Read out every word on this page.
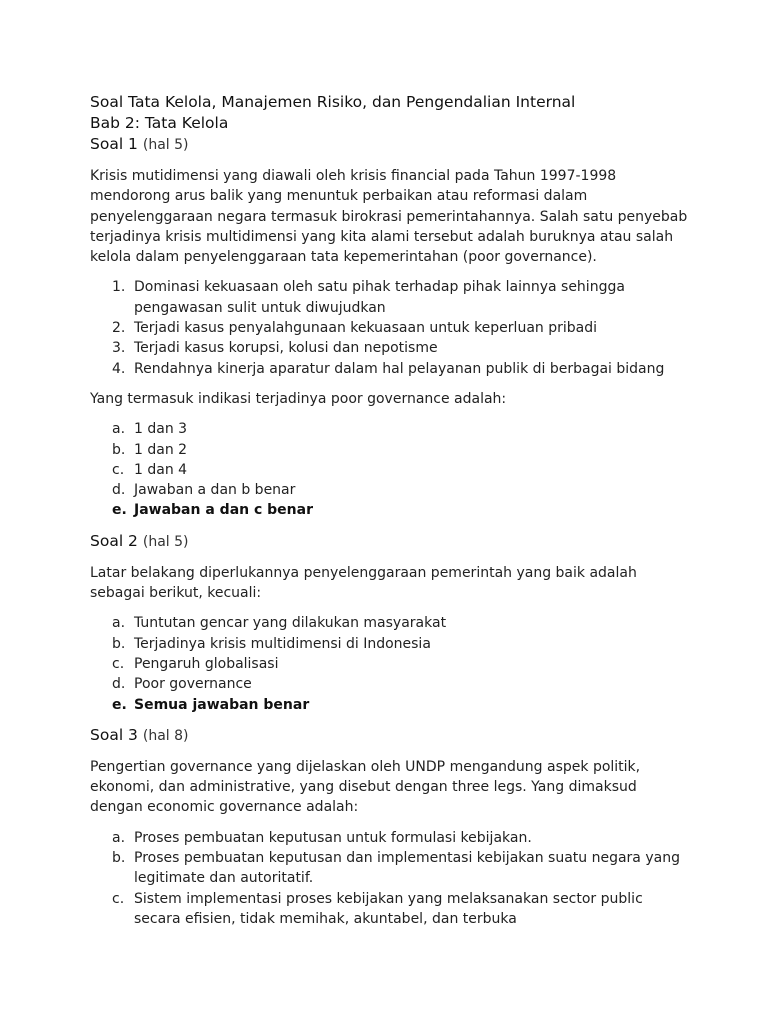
Soal Tata Kelola, Manajemen Risiko, dan Pengendalian Internal

Bab 2: Tata Kelola

Soal 1 (hal 5)

Krisis mutidimensi yang diawali oleh krisis financial pada Tahun 1997-1998 mendorong arus balik yang menuntuk perbaikan atau reformasi dalam penyelenggaraan negara termasuk birokrasi pemerintahannya. Salah satu penyebab terjadinya krisis multidimensi yang kita alami tersebut adalah buruknya atau salah kelola dalam penyelenggaraan tata kepemerintahan (poor governance).

1. Dominasi kekuasaan oleh satu pihak terhadap pihak lainnya sehingga pengawasan sulit untuk diwujudkan
2. Terjadi kasus penyalahgunaan kekuasaan untuk keperluan pribadi
3. Terjadi kasus korupsi, kolusi dan nepotisme
4. Rendahnya kinerja aparatur dalam hal pelayanan publik di berbagai bidang

Yang termasuk indikasi terjadinya poor governance adalah:

a. 1 dan 3
b. 1 dan 2
c. 1 dan 4
d. Jawaban a dan b benar
e. Jawaban a dan c benar

Soal 2 (hal 5)

Latar belakang diperlukannya penyelenggaraan pemerintah yang baik adalah sebagai berikut, kecuali:

a. Tuntutan gencar yang dilakukan masyarakat
b. Terjadinya krisis multidimensi di Indonesia
c. Pengaruh globalisasi
d. Poor governance
e. Semua jawaban benar

Soal 3 (hal 8)

Pengertian governance yang dijelaskan oleh UNDP mengandung aspek politik, ekonomi, dan administrative, yang disebut dengan three legs. Yang dimaksud dengan economic governance adalah:

a. Proses pembuatan keputusan untuk formulasi kebijakan.
b. Proses pembuatan keputusan dan implementasi kebijakan suatu negara yang legitimate dan autoritatif.
c. Sistem implementasi proses kebijakan yang melaksanakan sector public secara efisien, tidak memihak, akuntabel, dan terbuka
